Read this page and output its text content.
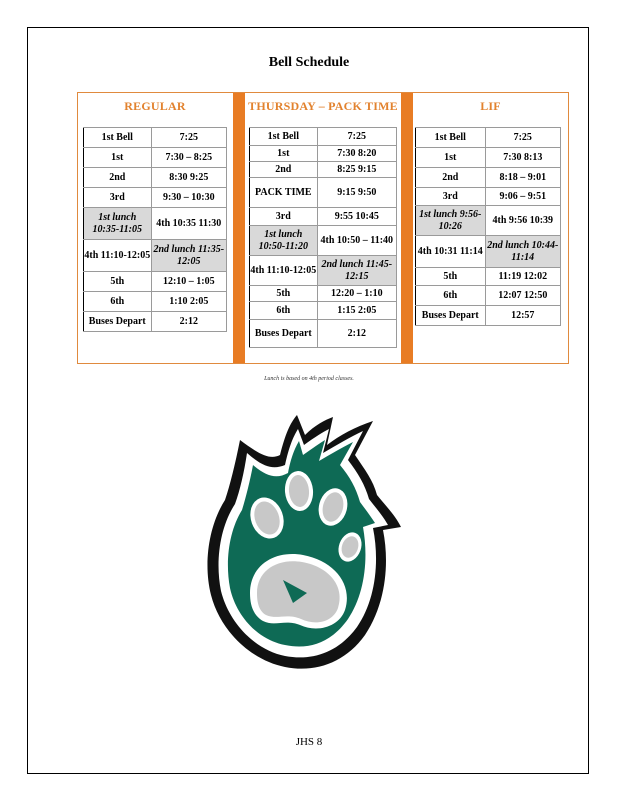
Bell Schedule
REGULAR
1st Bell	7:25
1st	7:30 – 8:25
2nd	8:30 9:25
3rd	9:30 – 10:30
1st lunch 10:35-11:05	4th 10:35 11:30
4th 11:10-12:05	2nd lunch 11:35-12:05
5th	12:10 – 1:05
6th	1:10 2:05
Buses Depart	2:12
THURSDAY – PACK TIME
1st Bell	7:25
1st	7:30 8:20
2nd	8:25 9:15
PACK TIME	9:15 9:50
3rd	9:55 10:45
1st lunch 10:50-11:20	4th 10:50 – 11:40
4th 11:10-12:05	2nd lunch 11:45-12:15
5th	12:20 – 1:10
6th	1:15 2:05
Buses Depart	2:12
LIF
1st Bell	7:25
1st	7:30 8:13
2nd	8:18 – 9:01
3rd	9:06 – 9:51
1st lunch 9:56-10:26	4th 9:56 10:39
4th 10:31 11:14	2nd lunch 10:44-11:14
5th	11:19 12:02
6th	12:07 12:50
Buses Depart	12:57
Lunch is based on 4th period classes.
JHS 8
